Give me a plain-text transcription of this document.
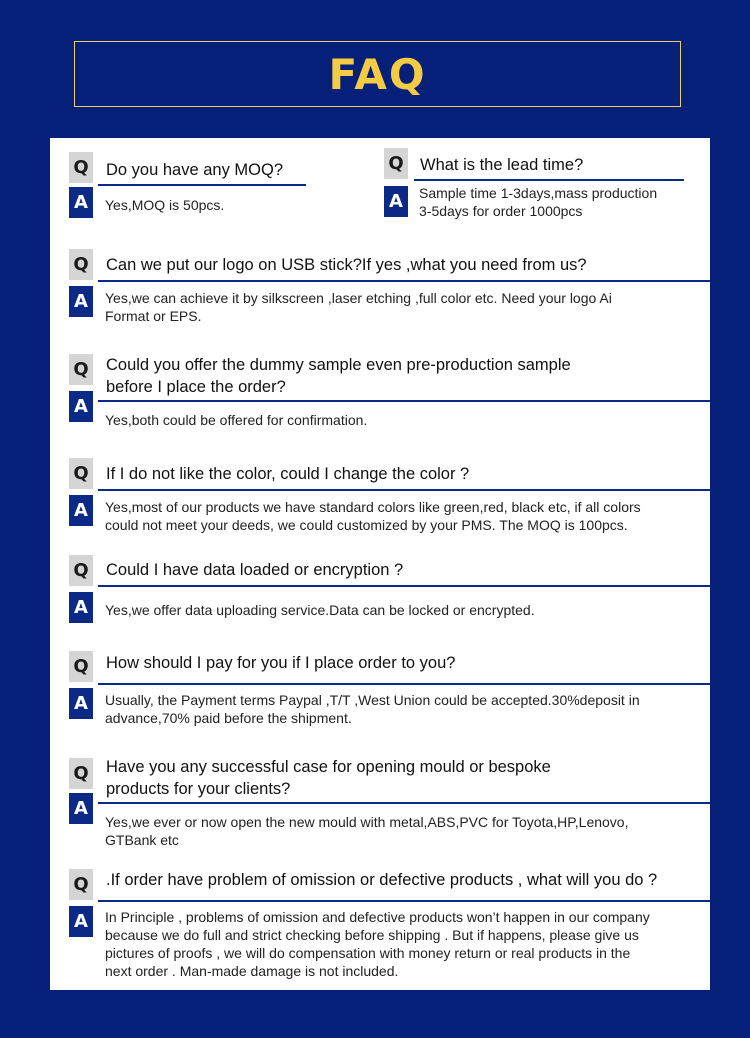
FAQ
Q Do you have any MOQ?
A	Yes,MOQ is 50pcs.
Q What is the lead time?
A	Sample time 1-3days,mass production
3-5days for order 1000pcs
Q Can we put our logo on USB stick?If yes ,what you need from us?
A	Yes,we can achieve it by silkscreen ,laser etching ,full color etc. Need your logo Ai
Format or EPS.
Q Could you offer the dummy sample even pre-production sample
before I place the order?
A
Yes,both could be offered for confirmation.
Q If I do not like the color, could I change the color ?
A	Yes,most of our products we have standard colors like green,red, black etc, if all colors
could not meet your deeds, we could customized by your PMS. The MOQ is 100pcs.
Q Could I have data loaded or encryption ?
A	Yes,we offer data uploading service.Data can be locked or encrypted.
Q How should I pay for you if I place order to you?
A	Usually, the Payment terms Paypal ,T/T ,West Union could be accepted.30%deposit in
advance,70% paid before the shipment.
Q Have you any successful case for opening mould or bespoke
products for your clients?
A
Yes,we ever or now open the new mould with metal,ABS,PVC for Toyota,HP,Lenovo,
GTBank etc
Q .If order have problem of omission or defective products , what will you do ?
A	In Principle , problems of omission and defective products won’t happen in our company
because we do full and strict checking before shipping . But if happens, please give us
pictures of proofs , we will do compensation with money return or real products in the
next order . Man-made damage is not included.
